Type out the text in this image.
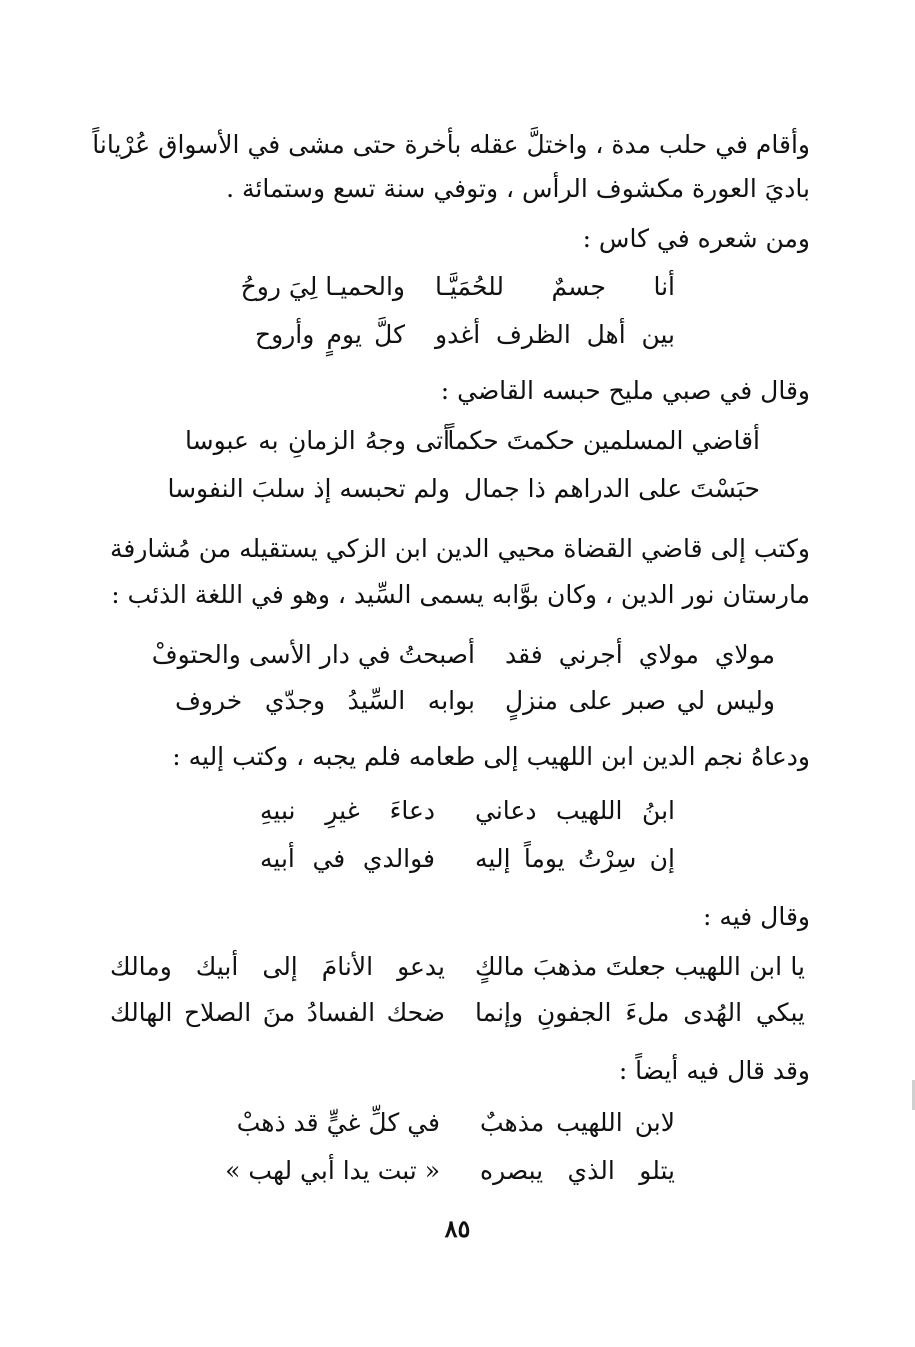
وأقام في حلب مدة ، واختلَّ عقله بأخرة حتى مشى في الأسواق عُرْياناً
باديَ العورة مكشوف الرأس ، وتوفي سنة تسع وستمائة .
ومن شعره في كاس :
أنا جسمٌ للحُمَيَّـا
والحميـا لِيَ روحُ
بين أهل الظرف أغدو
كلَّ يومٍ وأروح
وقال في صبي مليح حبسه القاضي :
أقاضي المسلمين حكمتَ حكماً
أتى وجهُ الزمانِ به عبوسا
حبَسْتَ على الدراهم ذا جمال
ولم تحبسه إذ سلبَ النفوسا
وكتب إلى قاضي القضاة محيي الدين ابن الزكي يستقيله من مُشارفة
مارستان نور الدين ، وكان بوَّابه يسمى السِّيد ، وهو في اللغة الذئب :
مولاي مولاي أجرني فقد
أصبحتُ في دار الأسى والحتوفْ
وليس لي صبر على منزلٍ
بوابه السِّيدُ وجدّي خروف
ودعاهُ نجم الدين ابن اللهيب إلى طعامه فلم يجبه ، وكتب إليه :
ابنُ اللهيب دعاني
دعاءَ غيرِ نبيهِ
إن سِرْتُ يوماً إليه
فوالدي في أبيه
وقال فيه :
يا ابن اللهيب جعلتَ مذهبَ مالكٍ
يدعو الأنامَ إلى أبيك ومالك
يبكي الهُدى ملءَ الجفونِ وإنما
ضحك الفسادُ منَ الصلاح الهالك
وقد قال فيه أيضاً :
لابن اللهيب مذهبٌ
في كلِّ غيٍّ قد ذهبْ
يتلو الذي يبصره
« تبت يدا أبي لهب »
٨٥
